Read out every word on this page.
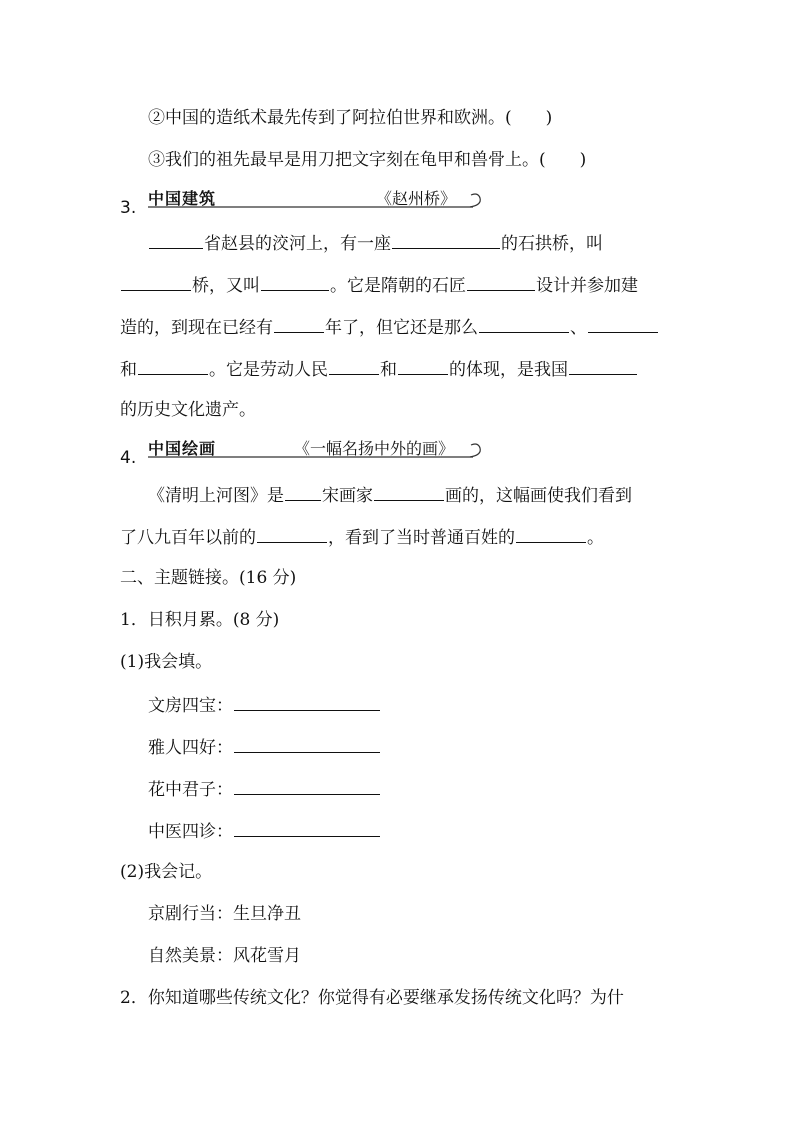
②中国的造纸术最先传到了阿拉伯世界和欧洲。(　　)

③我们的祖先最早是用刀把文字刻在龟甲和兽骨上。(　　)

3. 中国建筑	《赵州桥》

省赵县的洨河上，有一座	的石拱桥，叫

桥，又叫	。它是隋朝的石匠	设计并参加建

造的，到现在已经有	年了，但它还是那么	、

和	。它是劳动人民	和	的体现，是我国

的历史文化遗产。

4. 中国绘画	《一幅名扬中外的画》

《清明上河图》是 宋画家	画的，这幅画使我们看到

了八九百年以前的	，看到了当时普通百姓的	。

二、主题链接。(16 分)

1．日积月累。(8 分)

(1)我会填。

文房四宝：

雅人四好：

花中君子：

中医四诊：

(2)我会记。

京剧行当：生旦净丑

自然美景：风花雪月

2．你知道哪些传统文化？你觉得有必要继承发扬传统文化吗？为什
